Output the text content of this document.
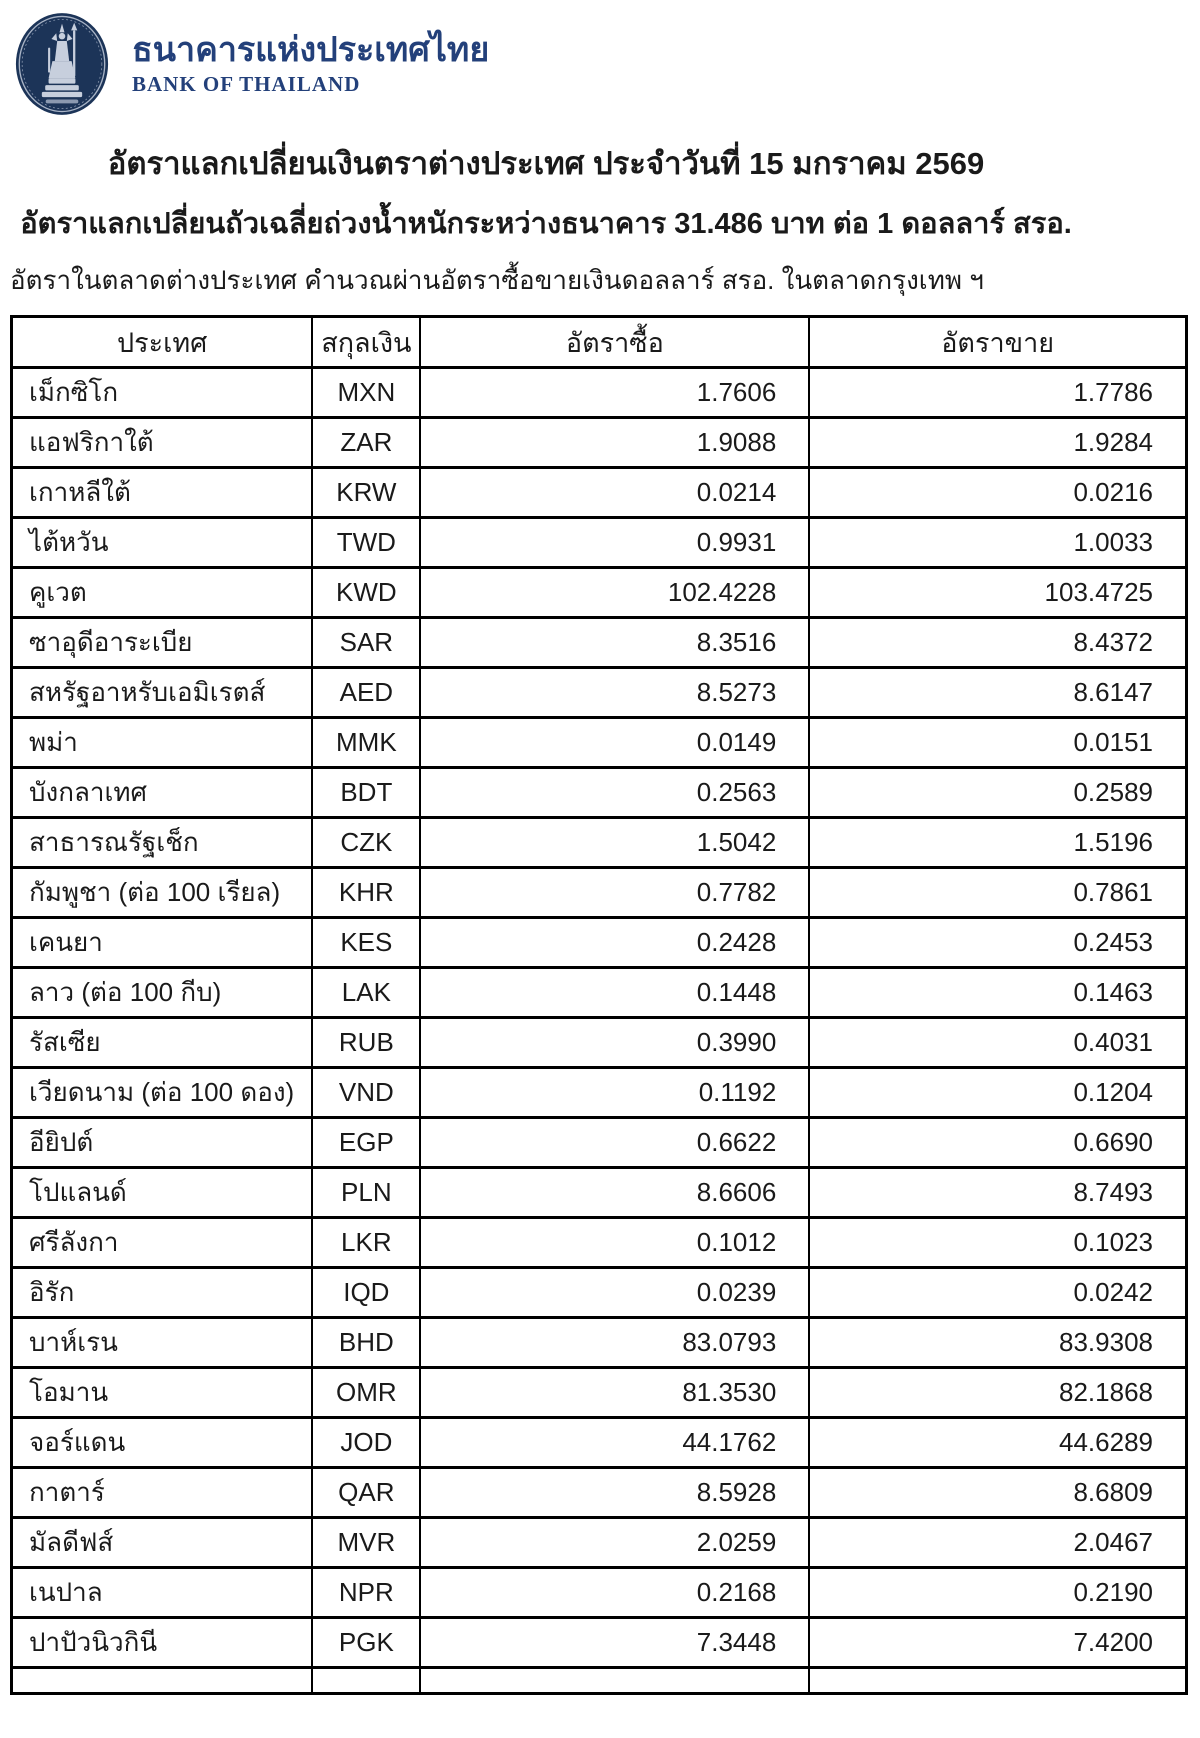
ธนาคารแห่งประเทศไทย
BANK OF THAILAND
อัตราแลกเปลี่ยนเงินตราต่างประเทศ ประจำวันที่ 15 มกราคม 2569
อัตราแลกเปลี่ยนถัวเฉลี่ยถ่วงน้ำหนักระหว่างธนาคาร 31.486 บาท ต่อ 1 ดอลลาร์ สรอ.
อัตราในตลาดต่างประเทศ คำนวณผ่านอัตราซื้อขายเงินดอลลาร์ สรอ. ในตลาดกรุงเทพ ฯ
ประเทศ	สกุลเงิน	อัตราซื้อ	อัตราขาย
เม็กซิโก	MXN	1.7606	1.7786
แอฟริกาใต้	ZAR	1.9088	1.9284
เกาหลีใต้	KRW	0.0214	0.0216
ไต้หวัน	TWD	0.9931	1.0033
คูเวต	KWD	102.4228	103.4725
ซาอุดีอาระเบีย	SAR	8.3516	8.4372
สหรัฐอาหรับเอมิเรตส์	AED	8.5273	8.6147
พม่า	MMK	0.0149	0.0151
บังกลาเทศ	BDT	0.2563	0.2589
สาธารณรัฐเช็ก	CZK	1.5042	1.5196
กัมพูชา (ต่อ 100 เรียล)	KHR	0.7782	0.7861
เคนยา	KES	0.2428	0.2453
ลาว (ต่อ 100 กีบ)	LAK	0.1448	0.1463
รัสเซีย	RUB	0.3990	0.4031
เวียดนาม (ต่อ 100 ดอง)	VND	0.1192	0.1204
อียิปต์	EGP	0.6622	0.6690
โปแลนด์	PLN	8.6606	8.7493
ศรีลังกา	LKR	0.1012	0.1023
อิรัก	IQD	0.0239	0.0242
บาห์เรน	BHD	83.0793	83.9308
โอมาน	OMR	81.3530	82.1868
จอร์แดน	JOD	44.1762	44.6289
กาตาร์	QAR	8.5928	8.6809
มัลดีฟส์	MVR	2.0259	2.0467
เนปาล	NPR	0.2168	0.2190
ปาปัวนิวกินี	PGK	7.3448	7.4200
